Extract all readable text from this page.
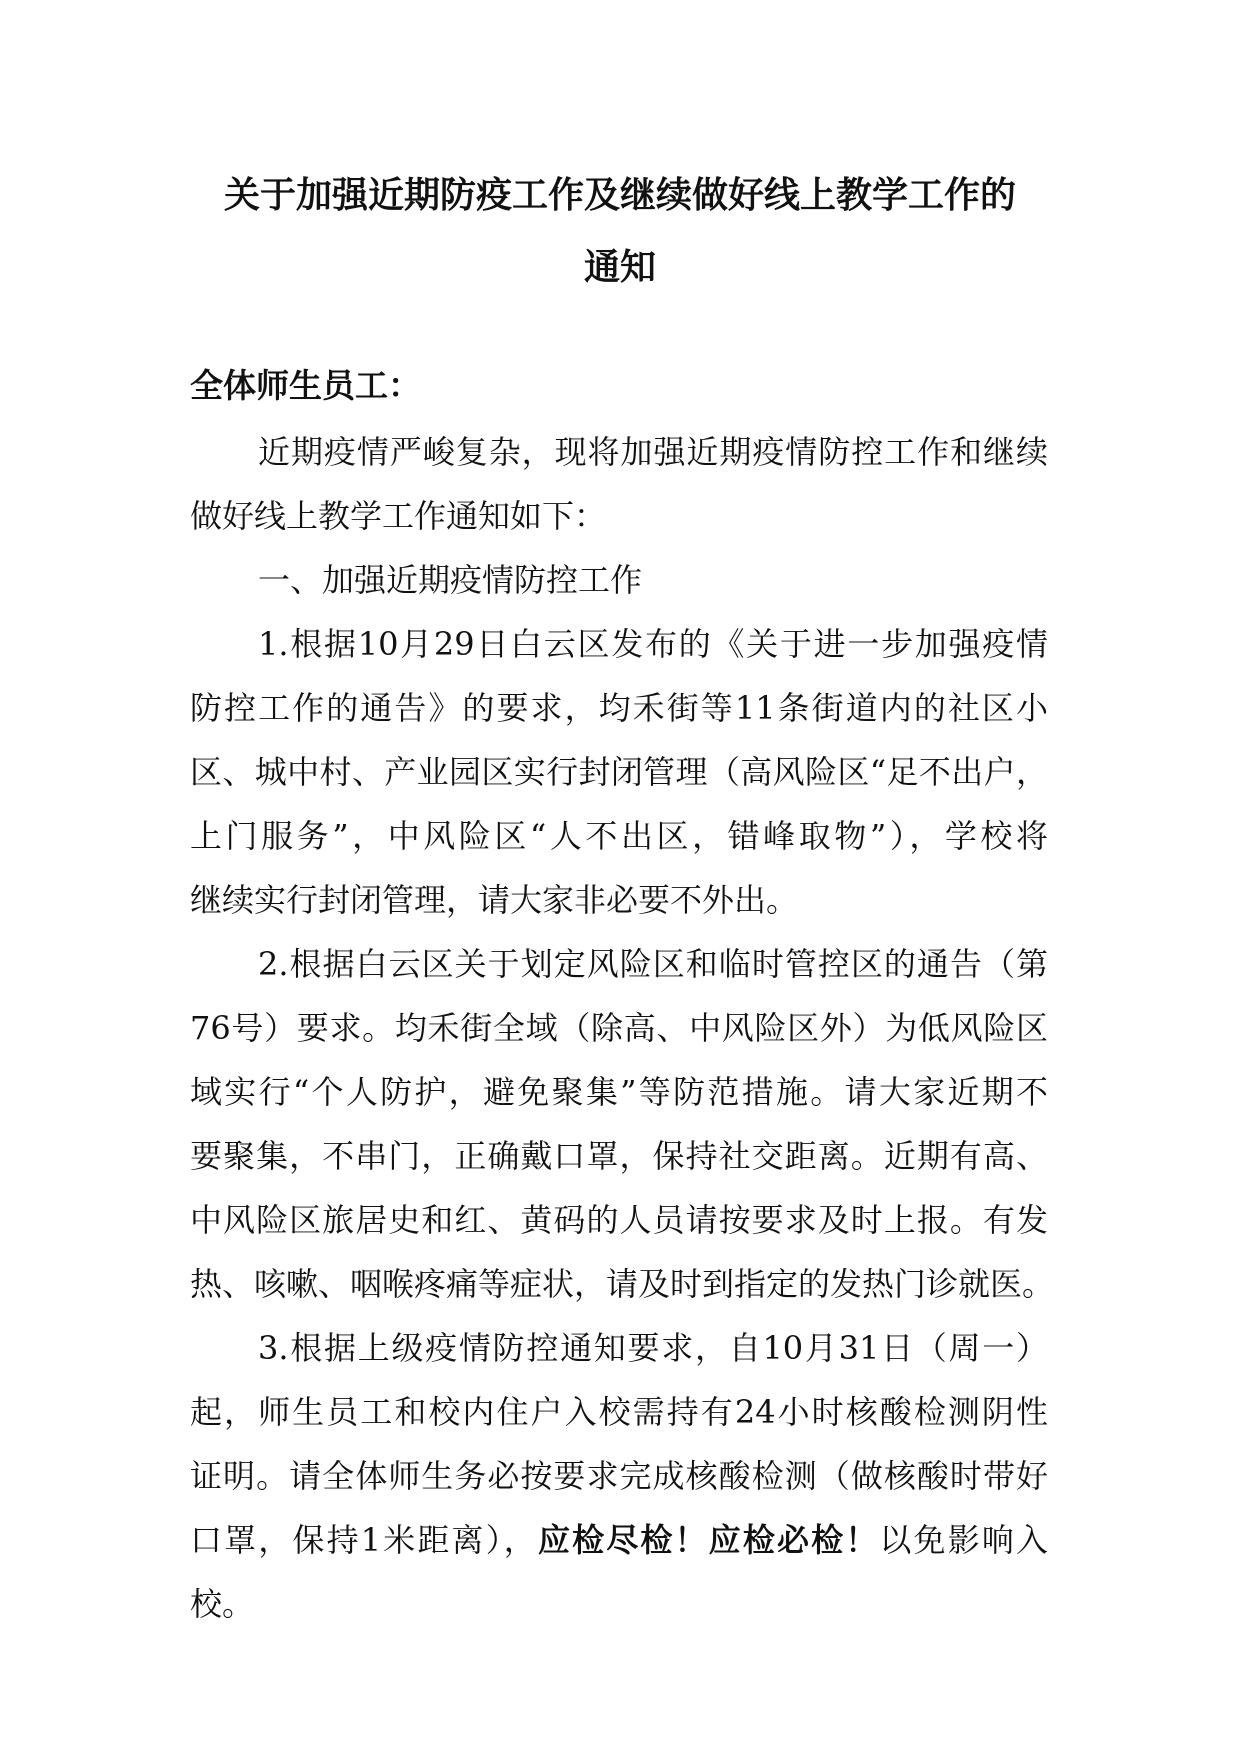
关于加强近期防疫工作及继续做好线上教学工作的
通知

全体师生员工：

近期疫情严峻复杂，现将加强近期疫情防控工作和继续

做好线上教学工作通知如下：

一、加强近期疫情防控工作

1.根据10月29日白云区发布的《关于进一步加强疫情

防控工作的通告》的要求，均禾街等11条街道内的社区小

区、城中村、产业园区实行封闭管理（高风险区“足不出户，

上门服务”，中风险区“人不出区，错峰取物”），学校将

继续实行封闭管理，请大家非必要不外出。

2.根据白云区关于划定风险区和临时管控区的通告（第

76号）要求。均禾街全域（除高、中风险区外）为低风险区

域实行“个人防护，避免聚集”等防范措施。请大家近期不

要聚集，不串门，正确戴口罩，保持社交距离。近期有高、

中风险区旅居史和红、黄码的人员请按要求及时上报。有发

热、咳嗽、咽喉疼痛等症状，请及时到指定的发热门诊就医。

3.根据上级疫情防控通知要求，自10月31日（周一）

起，师生员工和校内住户入校需持有24小时核酸检测阴性

证明。请全体师生务必按要求完成核酸检测（做核酸时带好

口罩，保持1米距离），应检尽检！应检必检！以免影响入

校。
